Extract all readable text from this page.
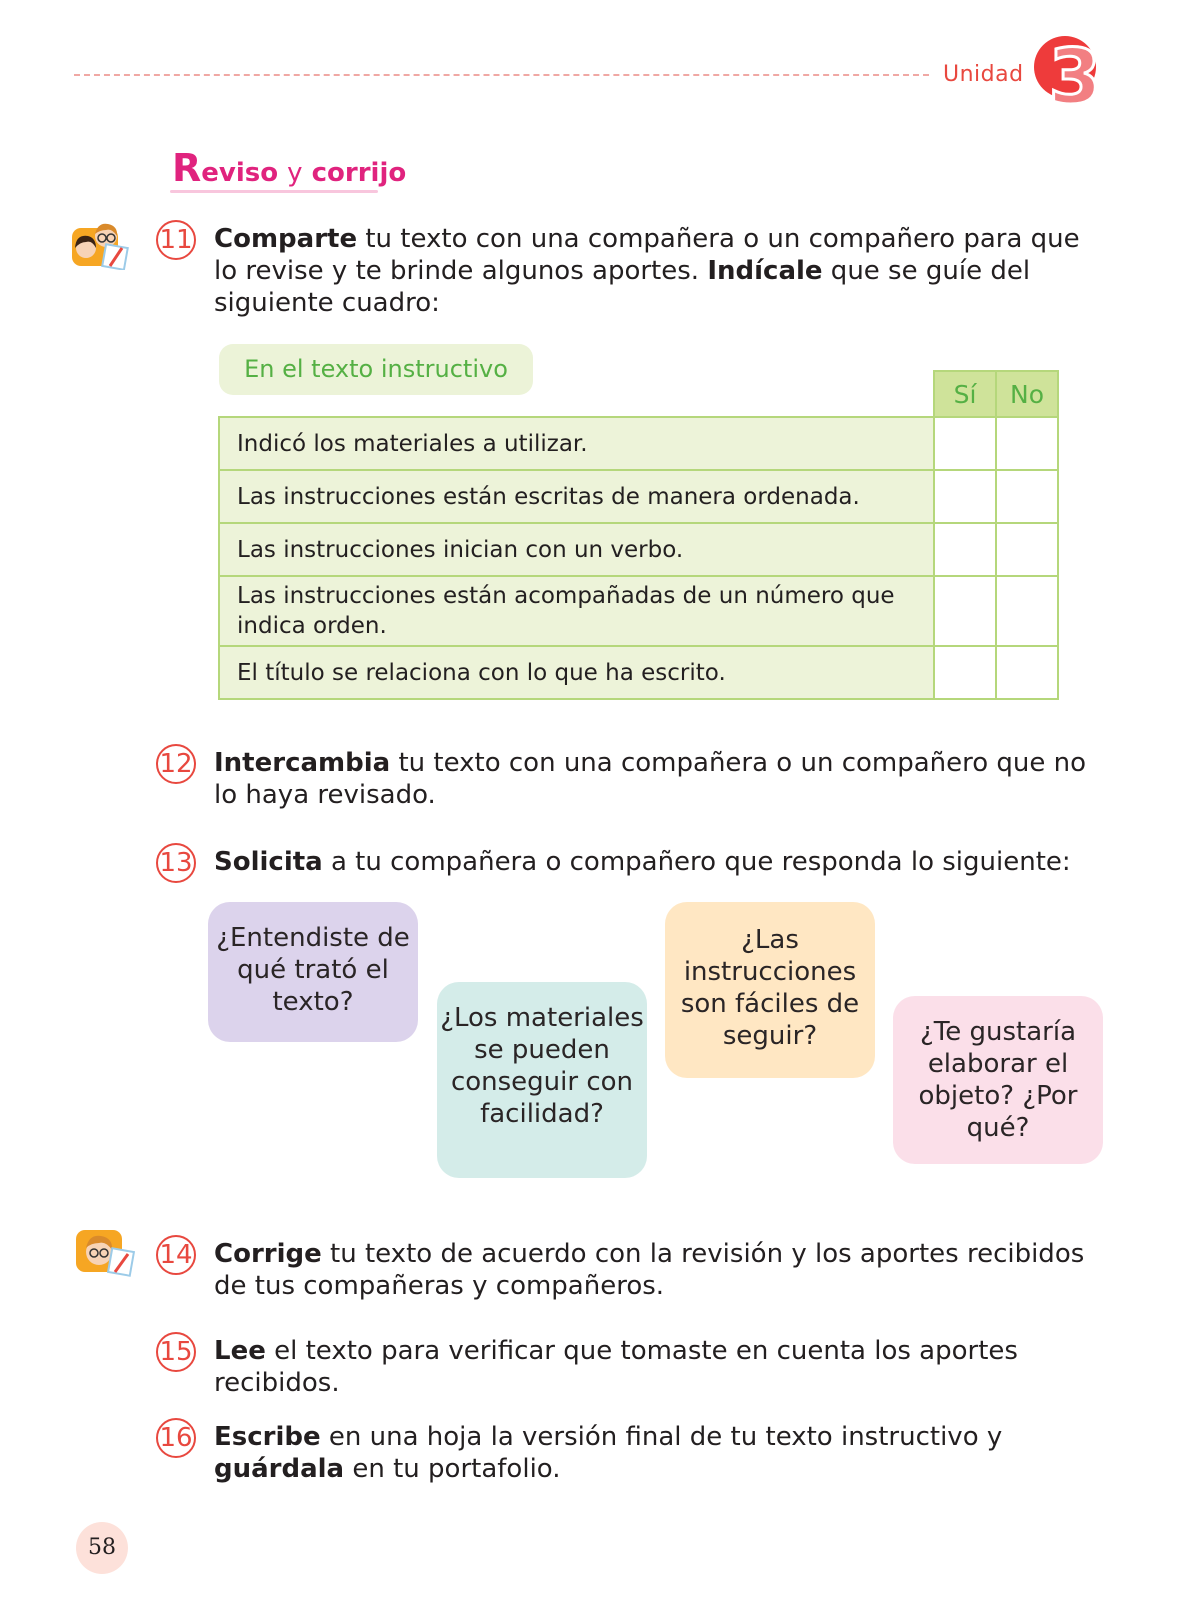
Unidad 3
Reviso y corrijo
11 Comparte tu texto con una compañera o un compañero para que lo revise y te brinde algunos aportes. Indícale que se guíe del siguiente cuadro:
En el texto instructivo
	Sí	No
Indicó los materiales a utilizar.		
Las instrucciones están escritas de manera ordenada.		
Las instrucciones inician con un verbo.		
Las instrucciones están acompañadas de un número que indica orden.		
El título se relaciona con lo que ha escrito.		
12 Intercambia tu texto con una compañera o un compañero que no lo haya revisado.
13 Solicita a tu compañera o compañero que responda lo siguiente:
¿Entendiste de qué trató el texto?
¿Los materiales se pueden conseguir con facilidad?
¿Las instrucciones son fáciles de seguir?	¿Te gustaría elaborar el objeto? ¿Por qué?
14 Corrige tu texto de acuerdo con la revisión y los aportes recibidos de tus compañeras y compañeros.
15 Lee el texto para verificar que tomaste en cuenta los aportes recibidos.
16 Escribe en una hoja la versión final de tu texto instructivo y guárdala en tu portafolio.
58
